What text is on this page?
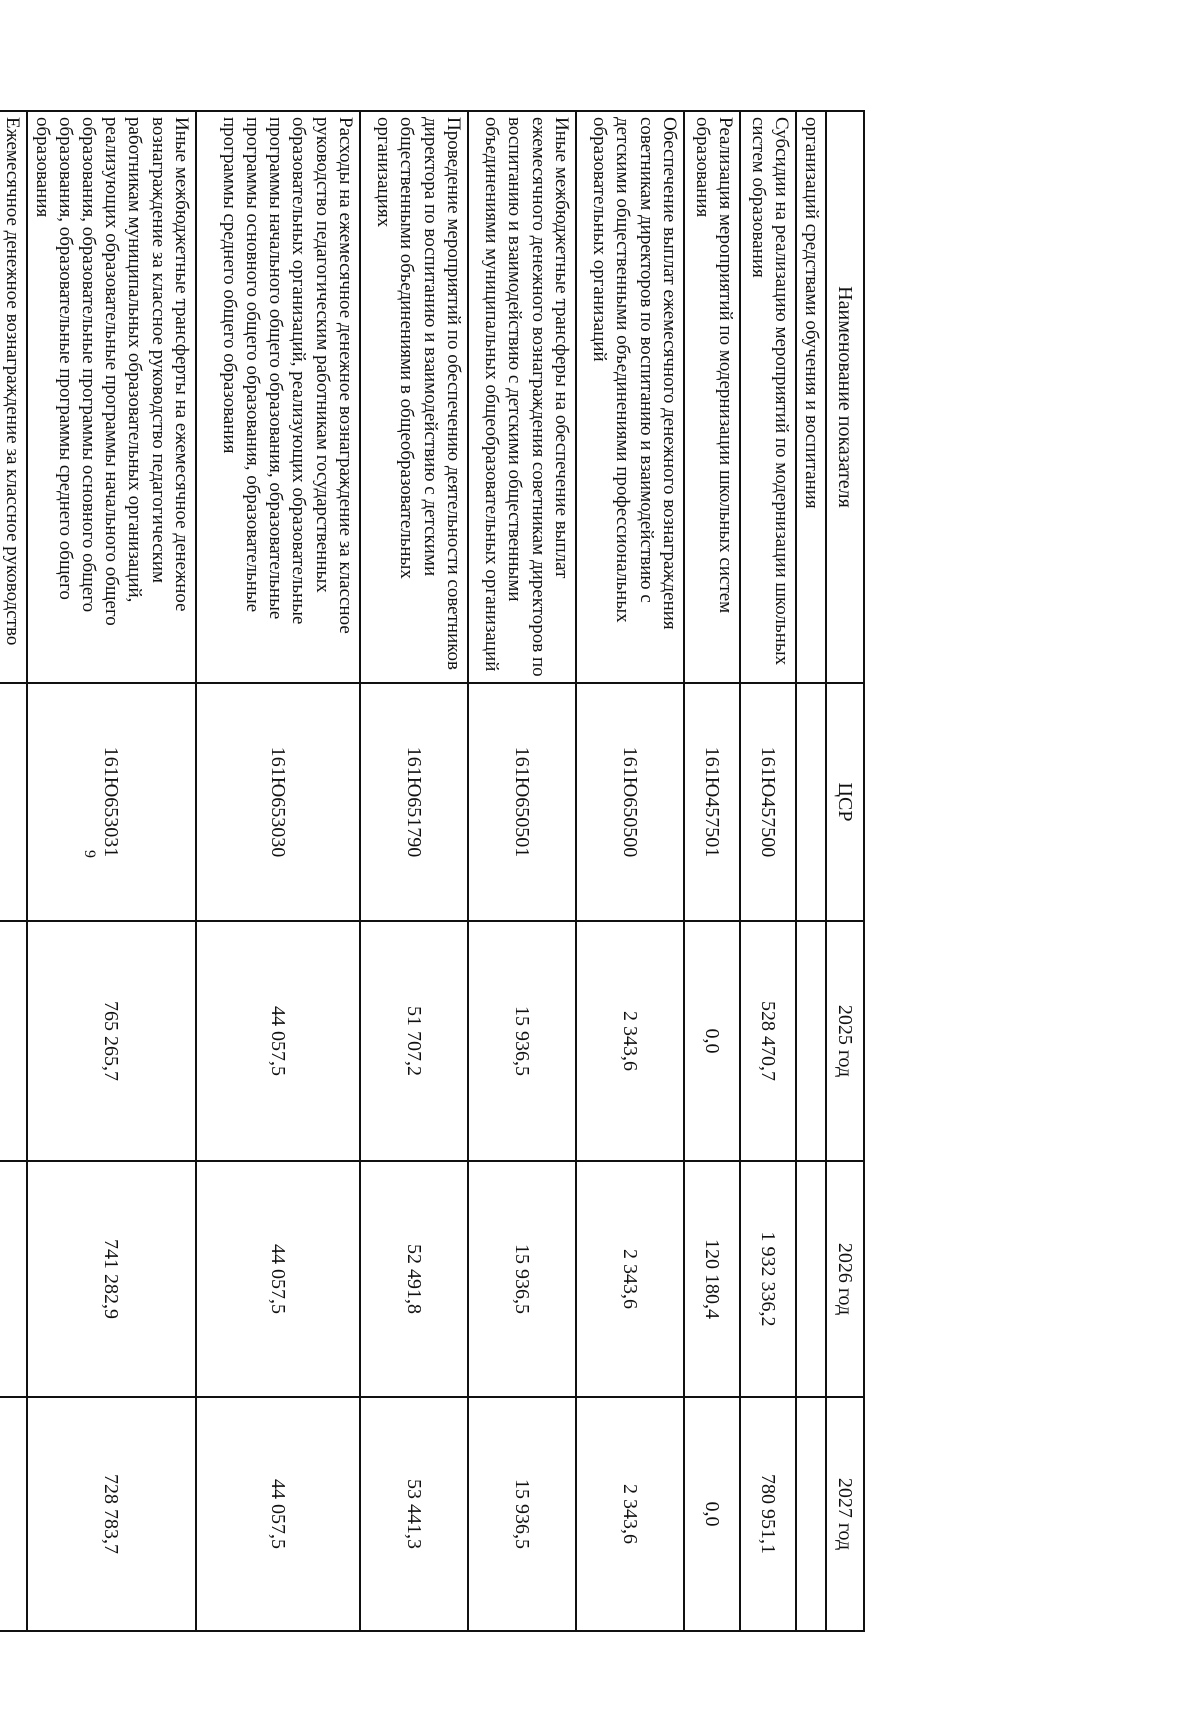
9
Наименование показателя	ЦСР	2025 год	2026 год	2027 год
организаций средствами обучения и воспитания				
Субсидии на реализацию мероприятий по модернизации школьных систем образования	161Ю457500	528 470,7	1 932 336,2	780 951,1
Реализация мероприятий по модернизации школьных систем образования	161Ю457501	0,0	120 180,4	0,0
Обеспечение выплат ежемесячного денежного вознаграждения советникам директоров по воспитанию и взаимодействию с детскими общественными объединениями профессиональных образовательных организаций	161Ю650500	2 343,6	2 343,6	2 343,6
Иные межбюджетные трансферы на обеспечение выплат ежемесячного денежного вознаграждения советникам директоров по воспитанию и взаимодействию с детскими общественными объединениями муниципальных общеобразовательных организаций	161Ю650501	15 936,5	15 936,5	15 936,5
Проведение мероприятий по обеспечению деятельности советников директора по воспитанию и взаимодействию с детскими общественными объединениями в общеобразовательных организациях	161Ю651790	51 707,2	52 491,8	53 441,3
Расходы на ежемесячное денежное вознаграждение за классное руководство педагогическим работникам государственных образовательных организаций, реализующих образовательные программы начального общего образования, образовательные программы основного общего образования, образовательные программы среднего общего образования	161Ю653030	44 057,5	44 057,5	44 057,5
Иные межбюджетные трансферты на ежемесячное денежное вознаграждение за классное руководство педагогическим работникам муниципальных образовательных организаций, реализующих образовательные программы начального общего образования, образовательные программы основного общего образования, образовательные программы среднего общего образования	161Ю653031	765 265,7	741 282,9	728 783,7
Ежемесячное денежное вознаграждение за классное руководство				
